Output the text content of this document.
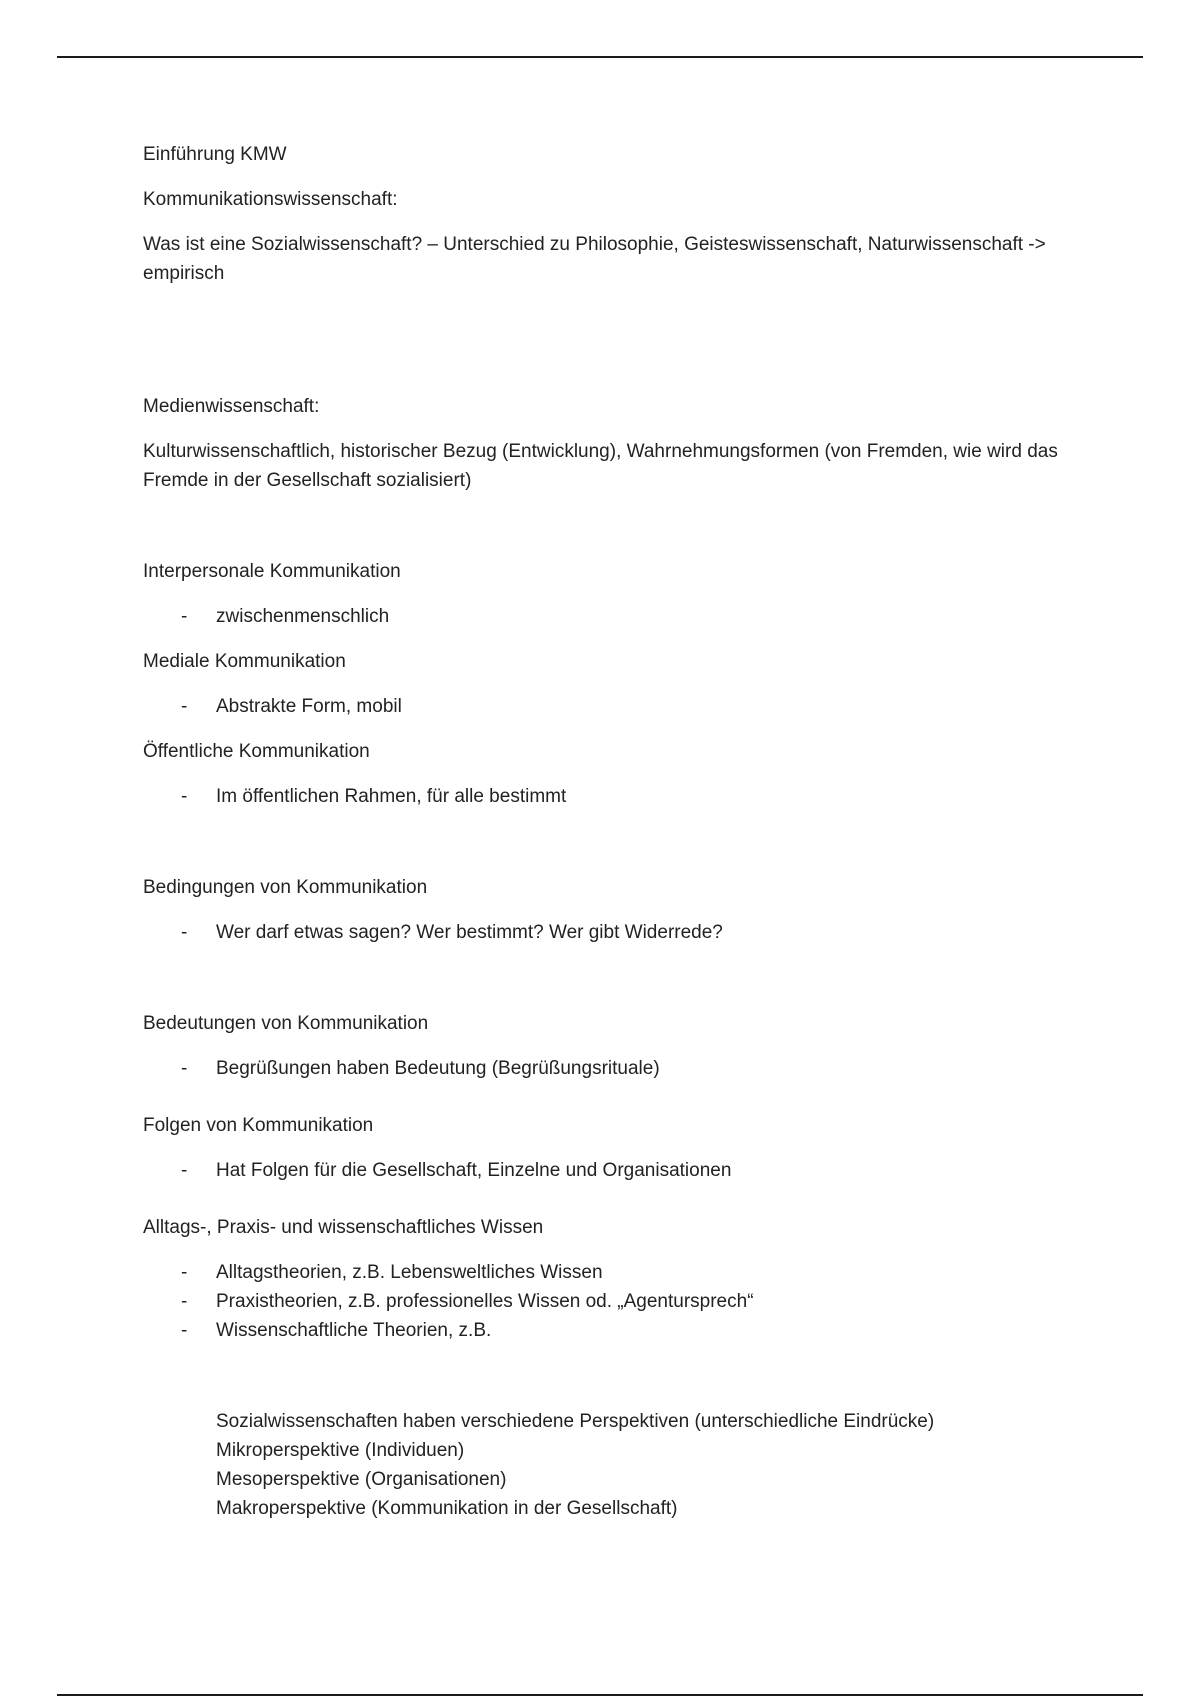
Einführung KMW

Kommunikationswissenschaft:

Was ist eine Sozialwissenschaft? – Unterschied zu Philosophie, Geisteswissenschaft, Naturwissenschaft -> empirisch

Medienwissenschaft:

Kulturwissenschaftlich, historischer Bezug (Entwicklung), Wahrnehmungsformen (von Fremden, wie wird das Fremde in der Gesellschaft sozialisiert)

Interpersonale Kommunikation

- zwischenmenschlich

Mediale Kommunikation

- Abstrakte Form, mobil

Öffentliche Kommunikation

- Im öffentlichen Rahmen, für alle bestimmt

Bedingungen von Kommunikation

- Wer darf etwas sagen? Wer bestimmt? Wer gibt Widerrede?

Bedeutungen von Kommunikation

- Begrüßungen haben Bedeutung (Begrüßungsrituale)

Folgen von Kommunikation

- Hat Folgen für die Gesellschaft, Einzelne und Organisationen

Alltags-, Praxis- und wissenschaftliches Wissen

- Alltagstheorien, z.B. Lebensweltliches Wissen
- Praxistheorien, z.B. professionelles Wissen od. „Agentursprech“
- Wissenschaftliche Theorien, z.B.

Sozialwissenschaften haben verschiedene Perspektiven (unterschiedliche Eindrücke)

Mikroperspektive (Individuen)

Mesoperspektive (Organisationen)

Makroperspektive (Kommunikation in der Gesellschaft)
